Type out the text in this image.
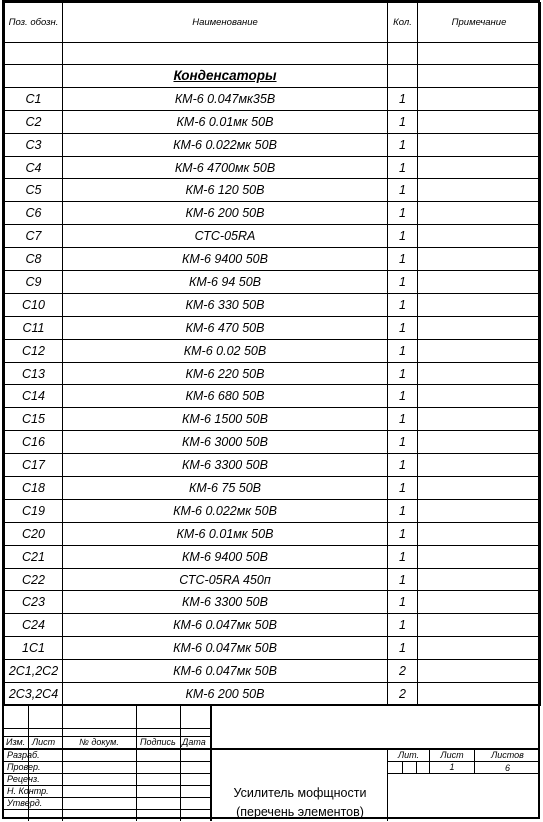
Поз. обозн.	Наименование	Кол.	Примечание

	Конденсаторы		
C1	КМ-6 0.047мк35В	1	
C2	КМ-6 0.01мк 50В	1	
C3	КМ-6 0.022мк 50В	1	
C4	КМ-6 4700мк 50В	1	
C5	КМ-6 120 50В	1	
C6	КМ-6 200 50В	1	
C7	СТС-05RA	1	
C8	КМ-6 9400 50В	1	
C9	КМ-6 94 50В	1	
C10	КМ-6 330 50В	1	
C11	КМ-6 470 50В	1	
C12	КМ-6 0.02 50В	1	
C13	КМ-6 220 50В	1	
C14	КМ-6 680 50В	1	
C15	КМ-6 1500 50В	1	
C16	КМ-6 3000 50В	1	
C17	КМ-6 3300 50В	1	
C18	КМ-6 75 50В	1	
C19	КМ-6 0.022мк 50В	1	
C20	КМ-6 0.01мк 50В	1	
C21	КМ-6 9400 50В	1	
C22	СТС-05RA 450п	1	
C23	КМ-6 3300 50В	1	
C24	КМ-6 0.047мк 50В	1	
1C1	КМ-6 0.047мк 50В	1	
2C1,2C2	КМ-6 0.047мк 50В	2	
2C3,2C4	КМ-6 200 50В	2	
Изм. Лист	№ докум.	Подпись Дата
Разраб.
Провер.
Реценз.
Н. Контр.
Утверд.
Лит.	Лист	Листов
1	6
Усилитель мофщности
(перечень элементов)
